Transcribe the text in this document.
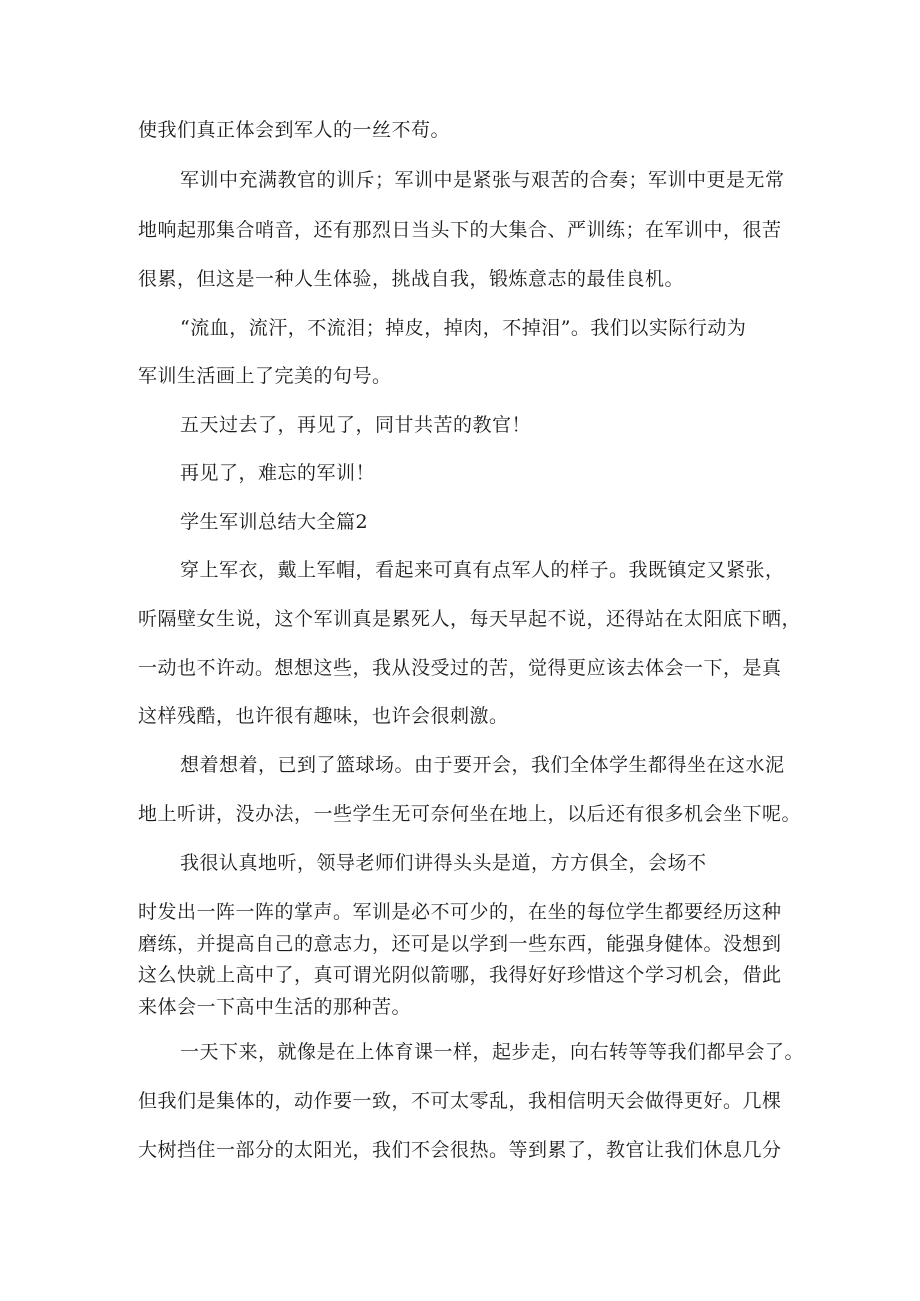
使我们真正体会到军人的一丝不苟。
军训中充满教官的训斥；军训中是紧张与艰苦的合奏；军训中更是无常
地响起那集合哨音，还有那烈日当头下的大集合、严训练；在军训中，很苦
很累，但这是一种人生体验，挑战自我，锻炼意志的最佳良机。
“流血，流汗，不流泪；掉皮，掉肉，不掉泪”。我们以实际行动为
军训生活画上了完美的句号。
五天过去了，再见了，同甘共苦的教官！
再见了，难忘的军训！
学生军训总结大全篇2
穿上军衣，戴上军帽，看起来可真有点军人的样子。我既镇定又紧张，
听隔壁女生说，这个军训真是累死人，每天早起不说，还得站在太阳底下晒，
一动也不许动。想想这些，我从没受过的苦，觉得更应该去体会一下，是真
这样残酷，也许很有趣味，也许会很刺激。
想着想着，已到了篮球场。由于要开会，我们全体学生都得坐在这水泥
地上听讲，没办法，一些学生无可奈何坐在地上，以后还有很多机会坐下呢。
我很认真地听，领导老师们讲得头头是道，方方俱全，会场不
时发出一阵一阵的掌声。军训是必不可少的，在坐的每位学生都要经历这种
磨练，并提高自己的意志力，还可是以学到一些东西，能强身健体。没想到
这么快就上高中了，真可谓光阴似箭哪，我得好好珍惜这个学习机会，借此
来体会一下高中生活的那种苦。
一天下来，就像是在上体育课一样，起步走，向右转等等我们都早会了。
但我们是集体的，动作要一致，不可太零乱，我相信明天会做得更好。几棵
大树挡住一部分的太阳光，我们不会很热。等到累了，教官让我们休息几分
